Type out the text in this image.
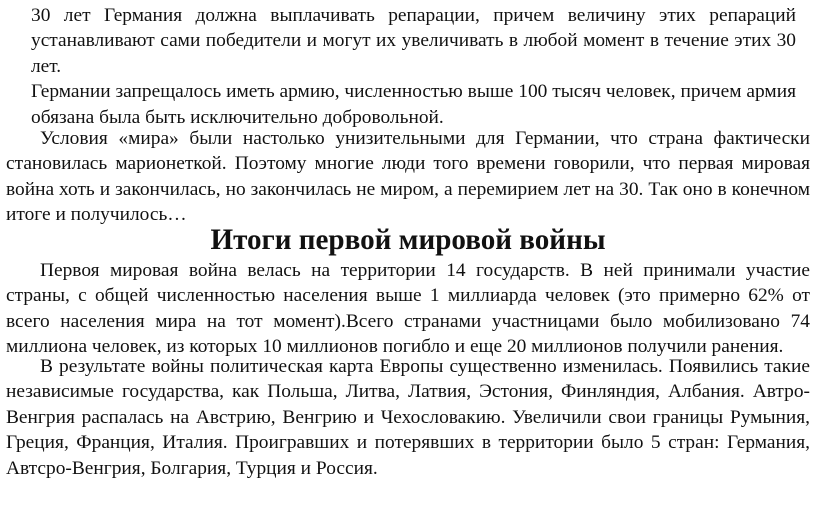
30 лет Германия должна выплачивать репарации, причем величину этих репараций устанавливают сами победители и могут их увеличивать в любой момент в течение этих 30 лет.

Германии запрещалось иметь армию, численностью выше 100 тысяч человек, причем армия обязана была быть исключительно добровольной.

Условия «мира» были настолько унизительными для Германии, что страна фактически становилась марионеткой. Поэтому многие люди того времени говорили, что первая мировая война хоть и закончилась, но закончилась не миром, а перемирием лет на 30. Так оно в конечном итоге и получилось…

Итоги первой мировой войны

Первоя мировая война велась на территории 14 государств. В ней принимали участие страны, с общей численностью населения выше 1 миллиарда человек (это примерно 62% от всего населения мира на тот момент).Всего странами участницами было мобилизовано 74 миллиона человек, из которых 10 миллионов погибло и еще 20 миллионов получили ранения.

В результате войны политическая карта Европы существенно изменилась. Появились такие независимые государства, как Польша, Литва, Латвия, Эстония, Финляндия, Албания. Автро-Венгрия распалась на Австрию, Венгрию и Чехословакию. Увеличили свои границы Румыния, Греция, Франция, Италия. Проигравших и потерявших в территории было 5 стран: Германия, Автсро-Венгрия, Болгария, Турция и Россия.
